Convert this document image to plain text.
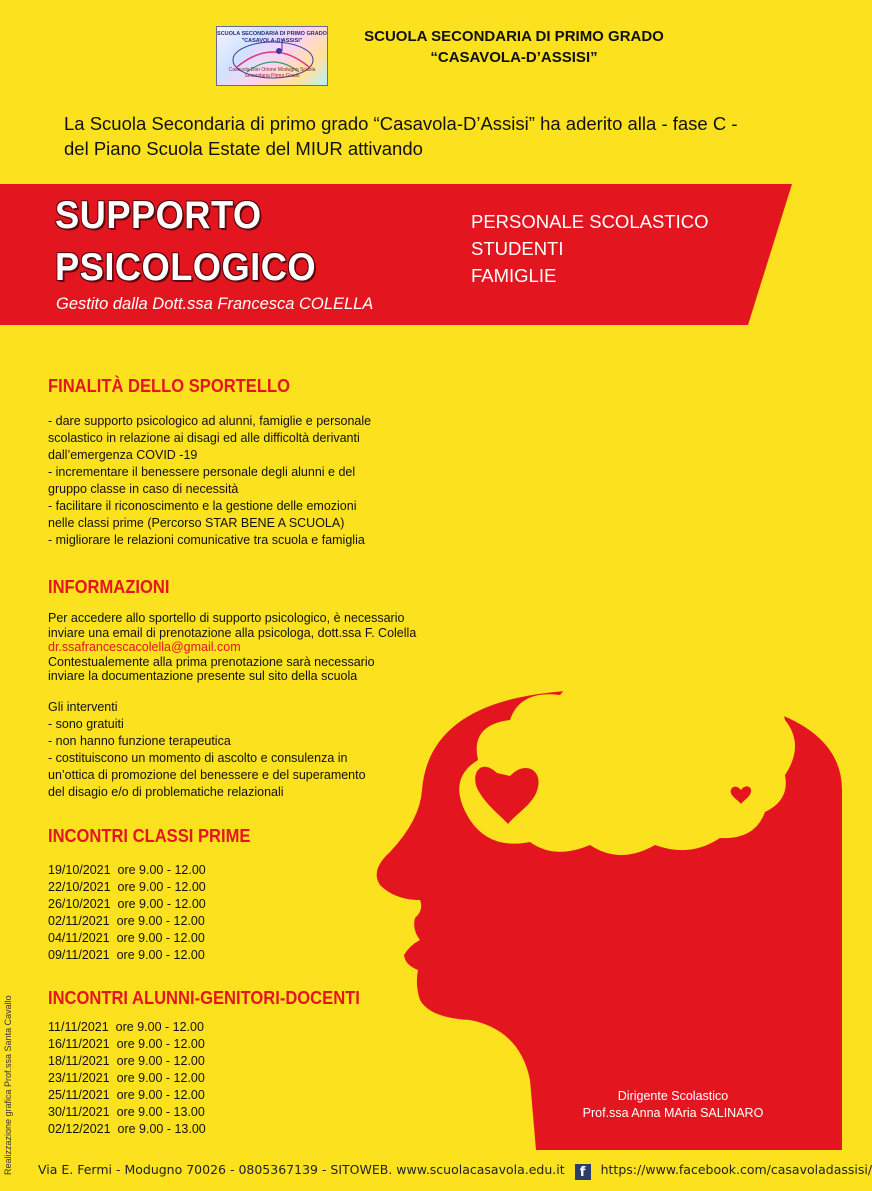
SCUOLA SECONDARIA DI PRIMO GRADO "CASAVOLA-D'ASSISI"
Casavola Don Orione Modugno Scuola Secondaria Primo Grado
SCUOLA SECONDARIA DI PRIMO GRADO
“CASAVOLA-D’ASSISI”
La Scuola Secondaria di primo grado “Casavola-D’Assisi” ha aderito alla - fase C -
del Piano Scuola Estate del MIUR attivando
SUPPORTO
PSICOLOGICO
Gestito dalla Dott.ssa Francesca COLELLA
PERSONALE SCOLASTICO
STUDENTI
FAMIGLIE
FINALITÀ DELLO SPORTELLO
- dare supporto psicologico ad alunni, famiglie e personale
scolastico in relazione ai disagi ed alle difficoltà derivanti
dall’emergenza COVID -19
- incrementare il benessere personale degli alunni e del
gruppo classe in caso di necessità
- facilitare il riconoscimento e la gestione delle emozioni
nelle classi prime (Percorso STAR BENE A SCUOLA)
- migliorare le relazioni comunicative tra scuola e famiglia
INFORMAZIONI
Per accedere allo sportello di supporto psicologico, è necessario
inviare una email di prenotazione alla psicologa, dott.ssa F. Colella
dr.ssafrancescacolella@gmail.com
Contestualemente alla prima prenotazione sarà necessario
inviare la documentazione presente sul sito della scuola
Gli interventi
- sono gratuiti
- non hanno funzione terapeutica
- costituiscono un momento di ascolto e consulenza in
un’ottica di promozione del benessere e del superamento
del disagio e/o di problematiche relazionali
INCONTRI CLASSI PRIME
19/10/2021  ore 9.00 - 12.00
22/10/2021  ore 9.00 - 12.00
26/10/2021  ore 9.00 - 12.00
02/11/2021  ore 9.00 - 12.00
04/11/2021  ore 9.00 - 12.00
09/11/2021  ore 9.00 - 12.00
INCONTRI ALUNNI-GENITORI-DOCENTI
11/11/2021  ore 9.00 - 12.00
16/11/2021  ore 9.00 - 12.00
18/11/2021  ore 9.00 - 12.00
23/11/2021  ore 9.00 - 12.00
25/11/2021  ore 9.00 - 12.00
30/11/2021  ore 9.00 - 13.00
02/12/2021  ore 9.00 - 13.00
Dirigente Scolastico
Prof.ssa Anna MAria SALINARO
Realizzazione grafica Prof.ssa Santa Cavallo Via E. Fermi - Modugno 70026 - 0805367139 - SITOWEB. www.scuolacasavola.edu.it f https://www.facebook.com/casavoladassisi/
